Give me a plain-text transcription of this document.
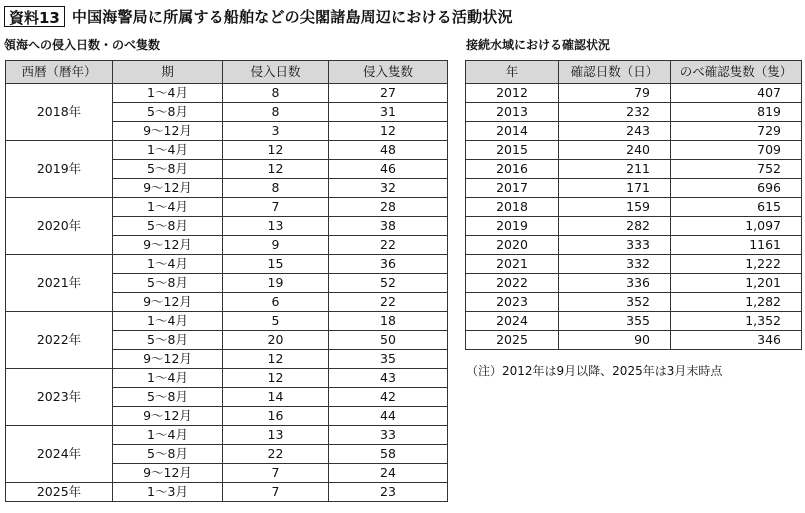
資料13 中国海警局に所属する船舶などの尖閣諸島周辺における活動状況
領海への侵入日数・のべ隻数
西暦（暦年）	期	侵入日数	侵入隻数
2018年	1～4月	8	27
	5～8月	8	31
	9～12月	3	12
2019年	1～4月	12	48
	5～8月	12	46
	9～12月	8	32
2020年	1～4月	7	28
	5～8月	13	38
	9～12月	9	22
2021年	1～4月	15	36
	5～8月	19	52
	9～12月	6	22
2022年	1～4月	5	18
	5～8月	20	50
	9～12月	12	35
2023年	1～4月	12	43
	5～8月	14	42
	9～12月	16	44
2024年	1～4月	13	33
	5～8月	22	58
	9～12月	7	24
2025年	1～3月	7	23
接続水域における確認状況
年	確認日数（日）	のべ確認隻数（隻）
2012	79	407
2013	232	819
2014	243	729
2015	240	709
2016	211	752
2017	171	696
2018	159	615
2019	282	1,097
2020	333	1161
2021	332	1,222
2022	336	1,201
2023	352	1,282
2024	355	1,352
2025	90	346
（注）2012年は9月以降、2025年は3月末時点
